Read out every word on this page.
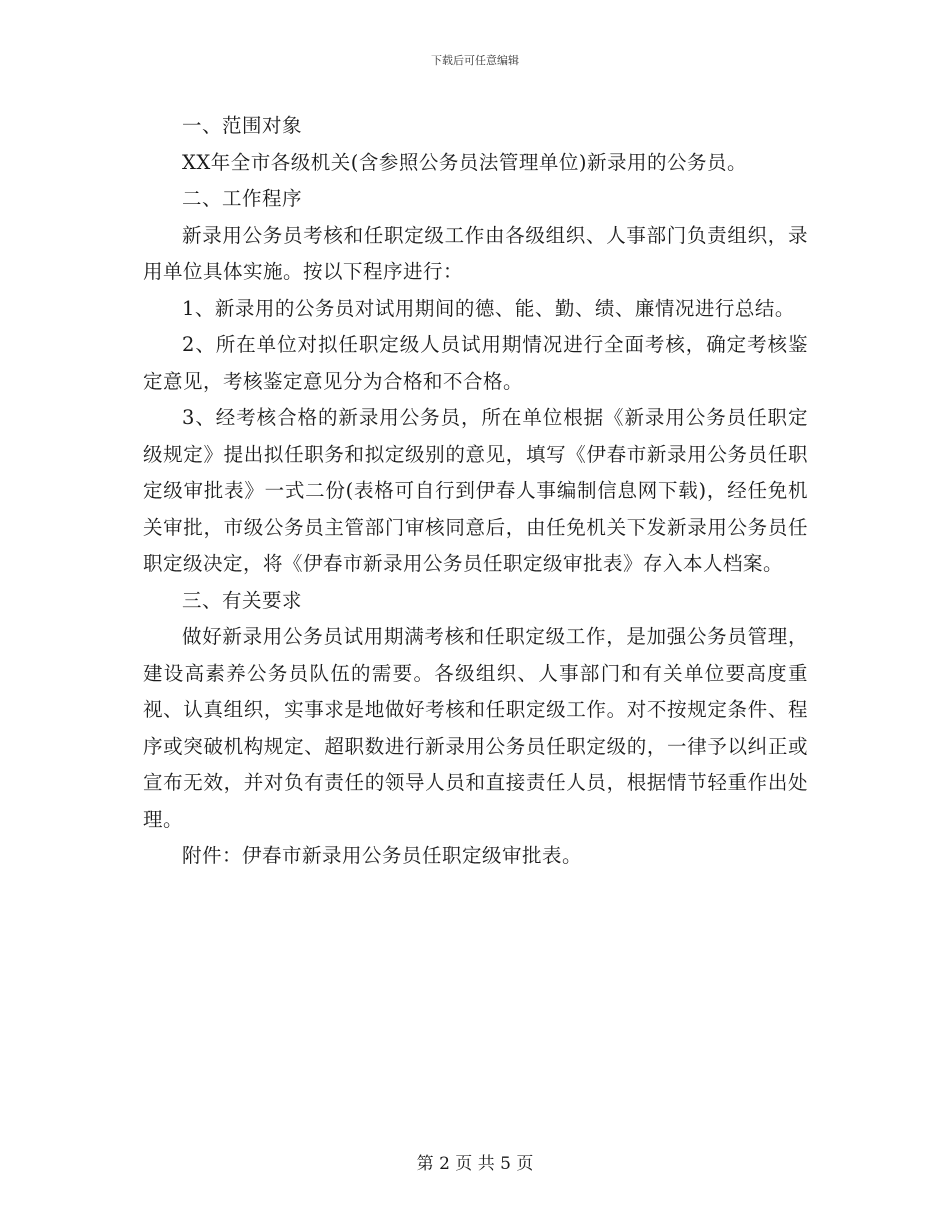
下载后可任意编辑

一、范围对象

XX年全市各级机关(含参照公务员法管理单位)新录用的公务员。

二、工作程序

新录用公务员考核和任职定级工作由各级组织、人事部门负责组织，录用单位具体实施。按以下程序进行：

1、新录用的公务员对试用期间的德、能、勤、绩、廉情况进行总结。

2、所在单位对拟任职定级人员试用期情况进行全面考核，确定考核鉴定意见，考核鉴定意见分为合格和不合格。

3、经考核合格的新录用公务员，所在单位根据《新录用公务员任职定级规定》提出拟任职务和拟定级别的意见，填写《伊春市新录用公务员任职定级审批表》一式二份(表格可自行到伊春人事编制信息网下载)，经任免机关审批，市级公务员主管部门审核同意后，由任免机关下发新录用公务员任职定级决定，将《伊春市新录用公务员任职定级审批表》存入本人档案。

三、有关要求

做好新录用公务员试用期满考核和任职定级工作，是加强公务员管理，建设高素养公务员队伍的需要。各级组织、人事部门和有关单位要高度重视、认真组织，实事求是地做好考核和任职定级工作。对不按规定条件、程序或突破机构规定、超职数进行新录用公务员任职定级的，一律予以纠正或宣布无效，并对负有责任的领导人员和直接责任人员，根据情节轻重作出处理。

附件：伊春市新录用公务员任职定级审批表。

第 2 页 共 5 页
